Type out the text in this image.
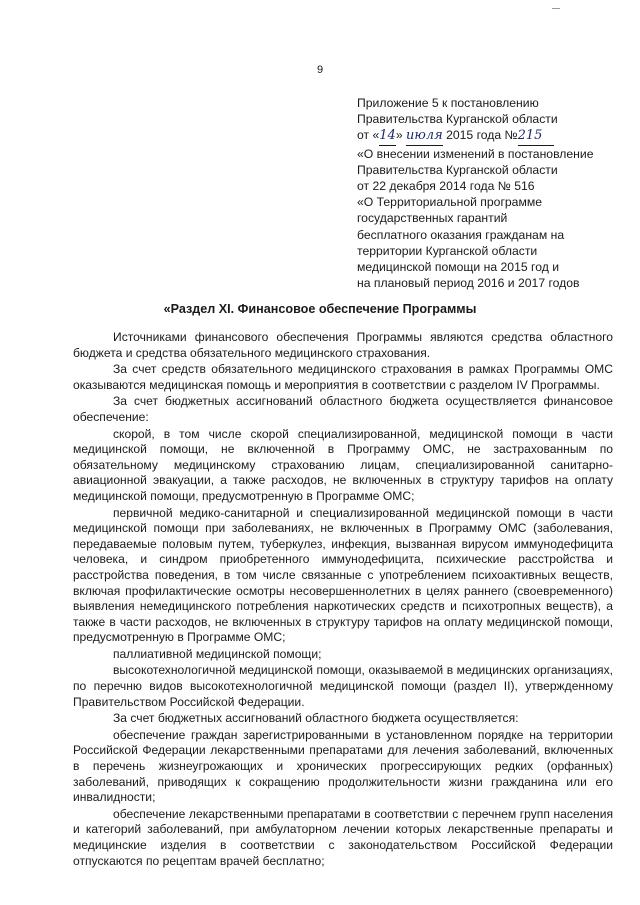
9
Приложение 5 к постановлению
Правительства Курганской области
от «14» июля 2015 года №215
«О внесении изменений в постановление
Правительства Курганской области
от 22 декабря 2014 года № 516
«О Территориальной программе
государственных гарантий
бесплатного оказания гражданам на
территории Курганской области
медицинской помощи на 2015 год и
на плановый период 2016 и 2017 годов
«Раздел XI. Финансовое обеспечение Программы

Источниками финансового обеспечения Программы являются средства областного бюджета и средства обязательного медицинского страхования.

За счет средств обязательного медицинского страхования в рамках Программы ОМС оказываются медицинская помощь и мероприятия в соответствии с разделом IV Программы.

За счет бюджетных ассигнований областного бюджета осуществляется финансовое обеспечение:

скорой, в том числе скорой специализированной, медицинской помощи в части медицинской помощи, не включенной в Программу ОМС, не застрахованным по обязательному медицинскому страхованию лицам, специализированной санитарно-авиационной эвакуации, а также расходов, не включенных в структуру тарифов на оплату медицинской помощи, предусмотренную в Программе ОМС;

первичной медико-санитарной и специализированной медицинской помощи в части медицинской помощи при заболеваниях, не включенных в Программу ОМС (заболевания, передаваемые половым путем, туберкулез, инфекция, вызванная вирусом иммунодефицита человека, и синдром приобретенного иммунодефицита, психические расстройства и расстройства поведения, в том числе связанные с употреблением психоактивных веществ, включая профилактические осмотры несовершеннолетних в целях раннего (своевременного) выявления немедицинского потребления наркотических средств и психотропных веществ), а также в части расходов, не включенных в структуру тарифов на оплату медицинской помощи, предусмотренную в Программе ОМС;

паллиативной медицинской помощи;

высокотехнологичной медицинской помощи, оказываемой в медицинских организациях, по перечню видов высокотехнологичной медицинской помощи (раздел II), утвержденному Правительством Российской Федерации.

За счет бюджетных ассигнований областного бюджета осуществляется:

обеспечение граждан зарегистрированными в установленном порядке на территории Российской Федерации лекарственными препаратами для лечения заболеваний, включенных в перечень жизнеугрожающих и хронических прогрессирующих редких (орфанных) заболеваний, приводящих к сокращению продолжительности жизни гражданина или его инвалидности;

обеспечение лекарственными препаратами в соответствии с перечнем групп населения и категорий заболеваний, при амбулаторном лечении которых лекарственные препараты и медицинские изделия в соответствии с законодательством Российской Федерации отпускаются по рецептам врачей бесплатно;
